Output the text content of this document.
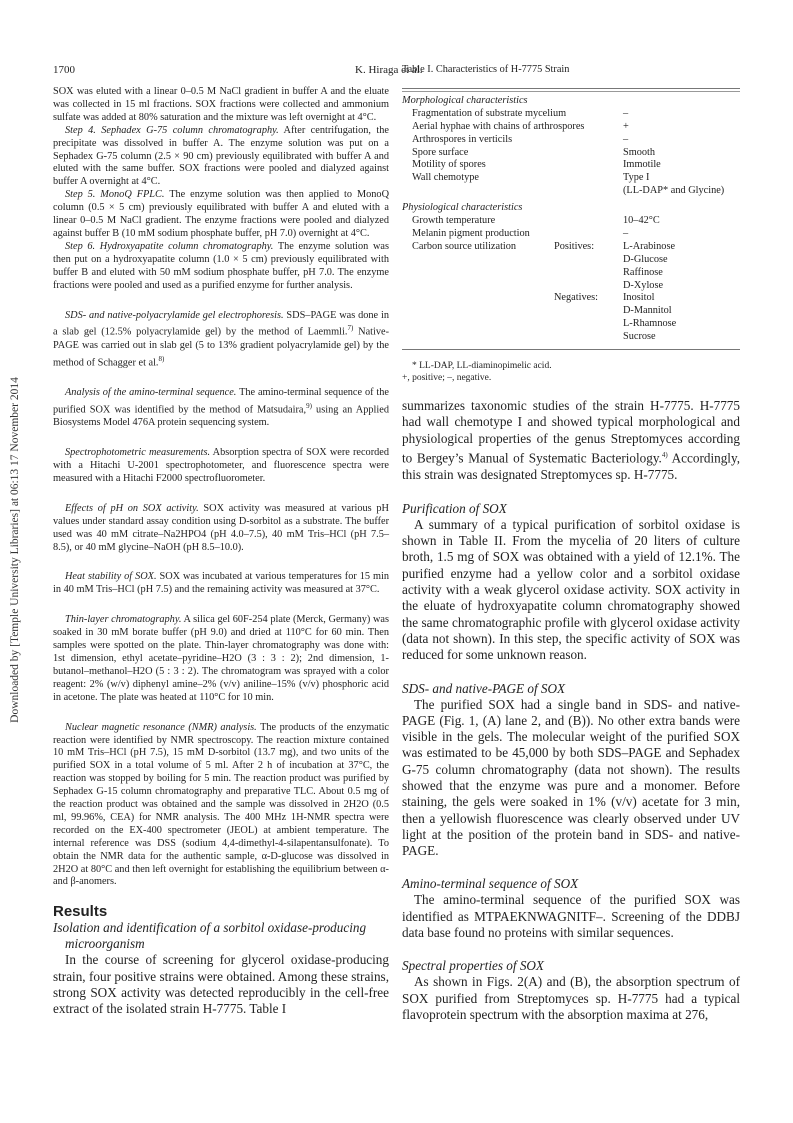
1700	K. Hiraga et al.
Downloaded by [Temple University Libraries] at 06:13 17 November 2014

SOX was eluted with a linear 0–0.5 M NaCl gradient in buffer A and the eluate was collected in 15 ml fractions. SOX fractions were collected and ammonium sulfate was added at 80% saturation and the mixture was left overnight at 4°C.

Step 4. Sephadex G-75 column chromatography. After centrifugation, the precipitate was dissolved in buffer A. The enzyme solution was put on a Sephadex G-75 column (2.5 × 90 cm) previously equilibrated with buffer A and eluted with the same buffer. SOX fractions were pooled and dialyzed against buffer A overnight at 4°C.

Step 5. MonoQ FPLC. The enzyme solution was then applied to MonoQ column (0.5 × 5 cm) previously equilibrated with buffer A and eluted with a linear 0–0.5 M NaCl gradient. The enzyme fractions were pooled and dialyzed against buffer B (10 mM sodium phosphate buffer, pH 7.0) overnight at 4°C.

Step 6. Hydroxyapatite column chromatography. The enzyme solution was then put on a hydroxyapatite column (1.0 × 5 cm) previously equilibrated with buffer B and eluted with 50 mM sodium phosphate buffer, pH 7.0. The enzyme fractions were pooled and used as a purified enzyme for further analysis.

SDS- and native-polyacrylamide gel electrophoresis. SDS–PAGE was done in a slab gel (12.5% polyacrylamide gel) by the method of Laemmli.$^{7)}$ Native-PAGE was carried out in slab gel (5 to 13% gradient polyacrylamide gel) by the method of Schagger et al.$^{8)}$

Analysis of the amino-terminal sequence. The amino-terminal sequence of the purified SOX was identified by the method of Matsudaira,$^{9)}$ using an Applied Biosystems Model 476A protein sequencing system.

Spectrophotometric measurements. Absorption spectra of SOX were recorded with a Hitachi U-2001 spectrophotometer, and fluorescence spectra were measured with a Hitachi F2000 spectrofluorometer.

Effects of pH on SOX activity. SOX activity was measured at various pH values under standard assay condition using D-sorbitol as a substrate. The buffer used was 40 mM citrate–Na2HPO4 (pH 4.0–7.5), 40 mM Tris–HCl (pH 7.5–8.5), or 40 mM glycine–NaOH (pH 8.5–10.0).

Heat stability of SOX. SOX was incubated at various temperatures for 15 min in 40 mM Tris–HCl (pH 7.5) and the remaining activity was measured at 37°C.

Thin-layer chromatography. A silica gel 60F-254 plate (Merck, Germany) was soaked in 30 mM borate buffer (pH 9.0) and dried at 110°C for 60 min. Then samples were spotted on the plate. Thin-layer chromatography was done with: 1st dimension, ethyl acetate–pyridine–H2O (3 : 3 : 2); 2nd dimension, 1-butanol–methanol–H2O (5 : 3 : 2). The chromatogram was sprayed with a color reagent: 2% (w/v) diphenyl amine–2% (v/v) aniline–15% (v/v) phosphoric acid in acetone. The plate was heated at 110°C for 10 min.

Nuclear magnetic resonance (NMR) analysis. The products of the enzymatic reaction were identified by NMR spectroscopy. The reaction mixture contained 10 mM Tris–HCl (pH 7.5), 15 mM D-sorbitol (13.7 mg), and two units of the purified SOX in a total volume of 5 ml. After 2 h of incubation at 37°C, the reaction was stopped by boiling for 5 min. The reaction product was purified by Sephadex G-15 column chromatography and preparative TLC. About 0.5 mg of the reaction product was obtained and the sample was dissolved in 2H2O (0.5 ml, 99.96%, CEA) for NMR analysis. The 400 MHz 1H-NMR spectra were recorded on the EX-400 spectrometer (JEOL) at ambient temperature. The internal reference was DSS (sodium 4,4-dimethyl-4-silapentansulfonate). To obtain the NMR data for the authentic sample, α-D-glucose was dissolved in 2H2O at 80°C and then left overnight for establishing the equilibrium between α- and β-anomers.

Results

Isolation and identification of a sorbitol oxidase-producing microorganism

In the course of screening for glycerol oxidase-producing strain, four positive strains were obtained. Among these strains, strong SOX activity was detected reproducibly in the cell-free extract of the isolated strain H-7775. Table I

Table I. Characteristics of H-7775 Strain

Morphological characteristics
Fragmentation of substrate mycelium	–
Aerial hyphae with chains of arthrospores	+
Arthrospores in verticils	–
Spore surface	Smooth
Motility of spores	Immotile
Wall chemotype	Type I
(LL-DAP* and Glycine)
Physiological characteristics
Growth temperature	10–42°C
Melanin pigment production	–
Carbon source utilization	Positives:	L-Arabinose
D-Glucose
Raffinose
D-Xylose
Negatives: Inositol
D-Mannitol
L-Rhamnose
Sucrose
* LL-DAP, LL-diaminopimelic acid.
+, positive; –, negative.

summarizes taxonomic studies of the strain H-7775. H-7775 had wall chemotype I and showed typical morphological and physiological properties of the genus Streptomyces according to Bergey’s Manual of Systematic Bacteriology.$^{4)}$ Accordingly, this strain was designated Streptomyces sp. H-7775.

Purification of SOX

A summary of a typical purification of sorbitol oxidase is shown in Table II. From the mycelia of 20 liters of culture broth, 1.5 mg of SOX was obtained with a yield of 12.1%. The purified enzyme had a yellow color and a sorbitol oxidase activity with a weak glycerol oxidase activity. SOX activity in the eluate of hydroxyapatite column chromatography showed the same chromatographic profile with glycerol oxidase activity (data not shown). In this step, the specific activity of SOX was reduced for some unknown reason.

SDS- and native-PAGE of SOX

The purified SOX had a single band in SDS- and native-PAGE (Fig. 1, (A) lane 2, and (B)). No other extra bands were visible in the gels. The molecular weight of the purified SOX was estimated to be 45,000 by both SDS–PAGE and Sephadex G-75 column chromatography (data not shown). The results showed that the enzyme was pure and a monomer. Before staining, the gels were soaked in 1% (v/v) acetate for 3 min, then a yellowish fluorescence was clearly observed under UV light at the position of the protein band in SDS- and native-PAGE.

Amino-terminal sequence of SOX

The amino-terminal sequence of the purified SOX was identified as MTPAEKNWAGNITF–. Screening of the DDBJ data base found no proteins with similar sequences.

Spectral properties of SOX

As shown in Figs. 2(A) and (B), the absorption spectrum of SOX purified from Streptomyces sp. H-7775 had a typical flavoprotein spectrum with the absorption maxima at 276,
